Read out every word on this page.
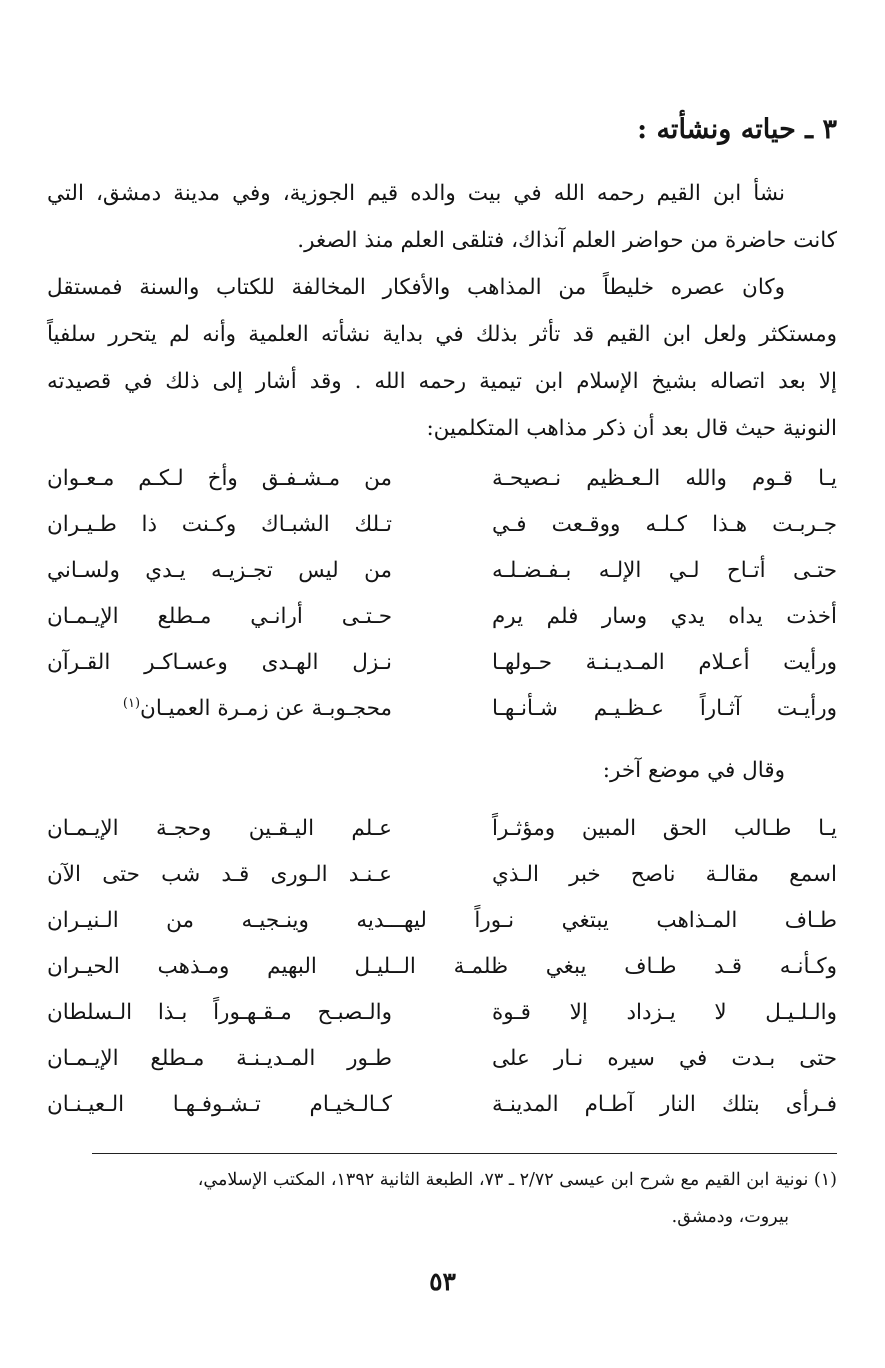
٣ ـ حياته ونشأته :
نشأ ابن القيم رحمه الله في بيت والده قيم الجوزية، وفي مدينة دمشق، التي
كانت حاضرة من حواضر العلم آنذاك، فتلقى العلم منذ الصغر.
وكان عصره خليطاً من المذاهب والأفكار المخالفة للكتاب والسنة فمستقل
ومستكثر ولعل ابن القيم قد تأثر بذلك في بداية نشأته العلمية وأنه لم يتحرر سلفياً
إلا بعد اتصاله بشيخ الإسلام ابن تيمية رحمه الله . وقد أشار إلى ذلك في قصيدته
النونية حيث قال بعد أن ذكر مذاهب المتكلمين:
يـا قـوم والله الـعـظيم نـصيحـة
من مـشـفـق وأخ لـكـم مـعـوان
جـربـت هـذا كـلـه ووقـعت فـي
تـلك الشبـاك وكـنت ذا طـيـران
حتـى أتـاح لـي الإلـه بـفـضـلـه
من ليس تجـزيـه يـدي ولسـاني
أخذت يداه يدي وسار فلم يرم
حـتـى أرانـي مـطلع الإيـمـان
ورأيت أعـلام المـديـنـة حـولهـا
نـزل الهـدى وعسـاكـر القـرآن
ورأيـت آثـاراً عـظـيـم شـأنـهـا
محجـوبـة عن زمـرة العميـان$^{(١)}$
وقال في موضع آخر:
يـا طـالب الحق المبين ومؤثـراً
عـلم اليـقـين وحجـة الإيـمـان
اسمع مقالـة ناصح خبر الـذي
عـنـد الـورى قـد شب حتى الآن
طـاف المـذاهب يبتغي نـوراً ليهـــديه وينـجيـه من الـنيـران
وكـأنـه قـد طـاف يبغي ظلمـة الــليـل البهيم ومـذهب الحيـران
والـلـيـل لا يـزداد إلا قـوة
والـصبـح مـقـهـوراً بـذا الـسلطان
حتى بـدت في سيره نـار على
طـور المـديـنـة مـطلع الإيـمـان
فـرأى بتلك النار آطـام المدينـة
كـالـخيـام تـشـوفـهـا الـعيـنـان
(١) نونية ابن القيم مع شرح ابن عيسى ٢/٧٢ ـ ٧٣، الطبعة الثانية ١٣٩٢، المكتب الإسلامي،
بيروت، ودمشق.
٥٣
